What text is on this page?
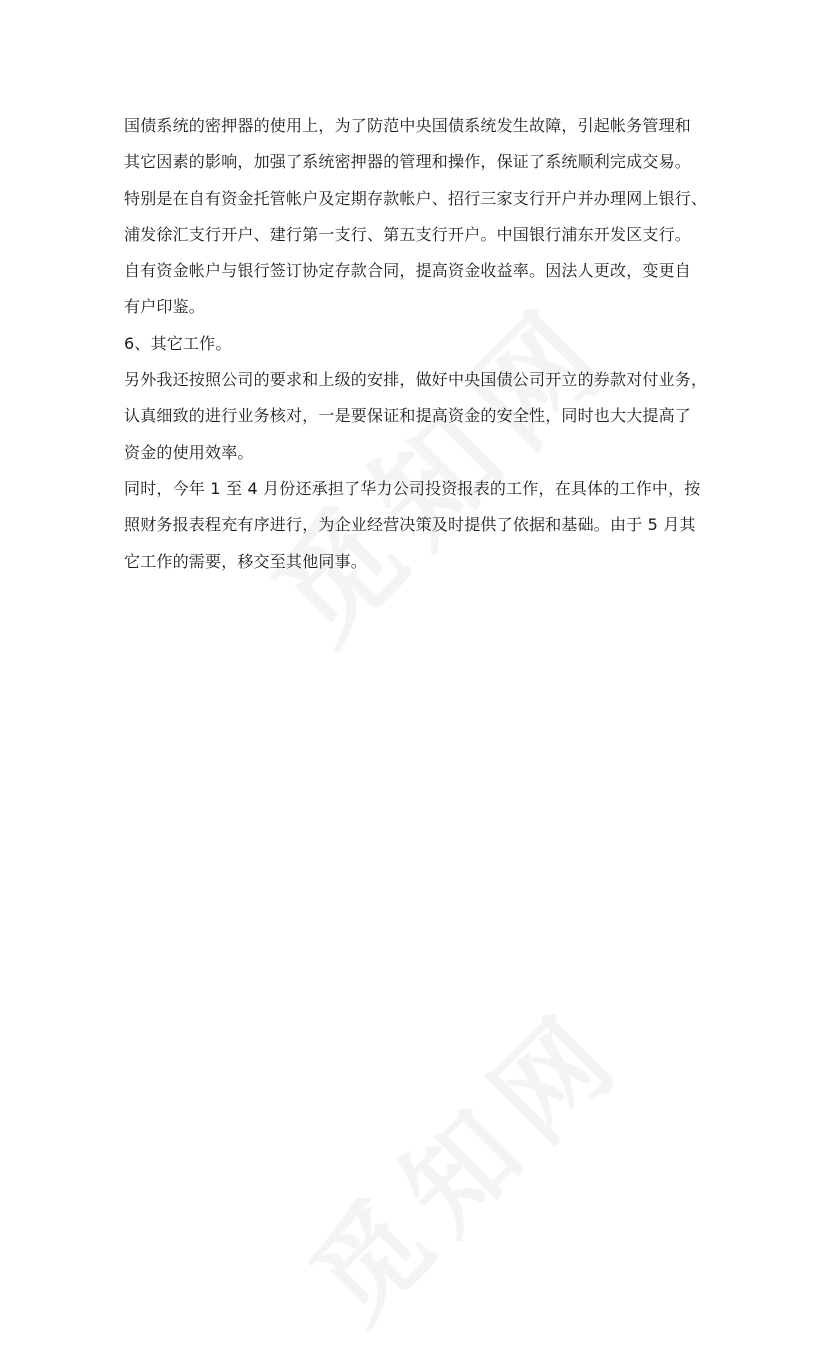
国债系统的密押器的使用上，为了防范中央国债系统发生故障，引起帐务管理和
其它因素的影响，加强了系统密押器的管理和操作，保证了系统顺利完成交易。
特别是在自有资金托管帐户及定期存款帐户、招行三家支行开户并办理网上银行、
浦发徐汇支行开户、建行第一支行、第五支行开户。中国银行浦东开发区支行。
自有资金帐户与银行签订协定存款合同，提高资金收益率。因法人更改，变更自
有户印鉴。
6、其它工作。
另外我还按照公司的要求和上级的安排，做好中央国债公司开立的券款对付业务，
认真细致的进行业务核对，一是要保证和提高资金的安全性，同时也大大提高了
资金的使用效率。
同时，今年 1 至 4 月份还承担了华力公司投资报表的工作，在具体的工作中，按
照财务报表程充有序进行，为企业经营决策及时提供了依据和基础。由于 5 月其
它工作的需要，移交至其他同事。
